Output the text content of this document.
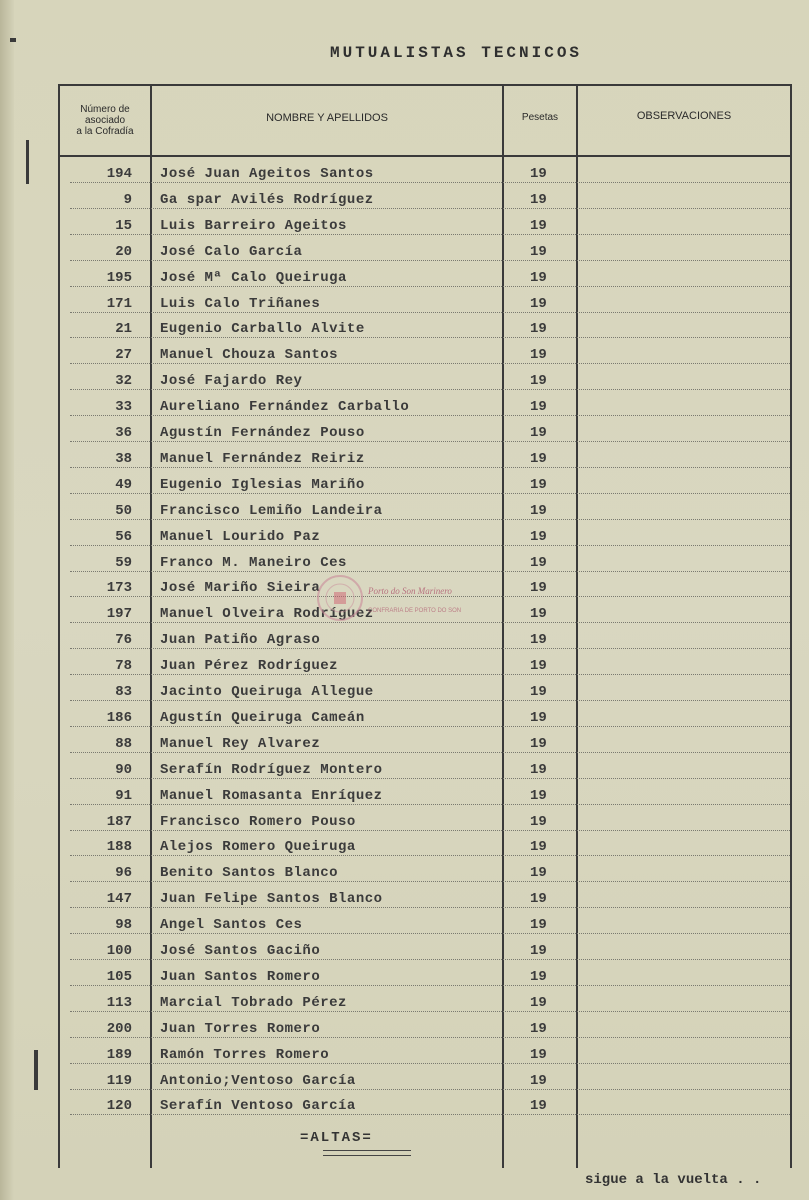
MUTUALISTAS TECNICOS
Número de
asociado
a la Cofradía
NOMBRE Y APELLIDOS	Pesetas	OBSERVACIONES
194 José Juan Ageitos Santos	19
9 Ga spar Avilés Rodríguez	19
15 Luis Barreiro Ageitos	19
20 José Calo García	19
195 José Mª Calo Queiruga	19
171 Luis Calo Triñanes	19
21 Eugenio Carballo Alvite	19
27 Manuel Chouza Santos	19
32 José Fajardo Rey	19
33 Aureliano Fernández Carballo	19
36 Agustín Fernández Pouso	19
38 Manuel Fernández Reiriz	19
49 Eugenio Iglesias Mariño	19
50 Francisco Lemiño Landeira	19
56 Manuel Lourido Paz	19
59 Franco M. Maneiro Ces	19
173 José Mariño Sieira	19
197 Manuel Olveira Rodríguez	19
76 Juan Patiño Agraso	19
78 Juan Pérez Rodríguez	19
83 Jacinto Queiruga Allegue	19
186 Agustín Queiruga Cameán	19
88 Manuel Rey Alvarez	19
90 Serafín Rodríguez Montero	19
91 Manuel Romasanta Enríquez	19
187 Francisco Romero Pouso	19
188 Alejos Romero Queiruga	19
96 Benito Santos Blanco	19
147 Juan Felipe Santos Blanco	19
98 Angel Santos Ces	19
100 José Santos Gaciño	19
105 Juan Santos Romero	19
113 Marcial Tobrado Pérez	19
200 Juan Torres Romero	19
189 Ramón Torres Romero	19
119 Antonio;Ventoso García	19
120 Serafín Ventoso García	19
Porto do Son Marinero
CONFRARÍA DE PORTO DO SON
=ALTAS=
sigue a la vuelta . .
